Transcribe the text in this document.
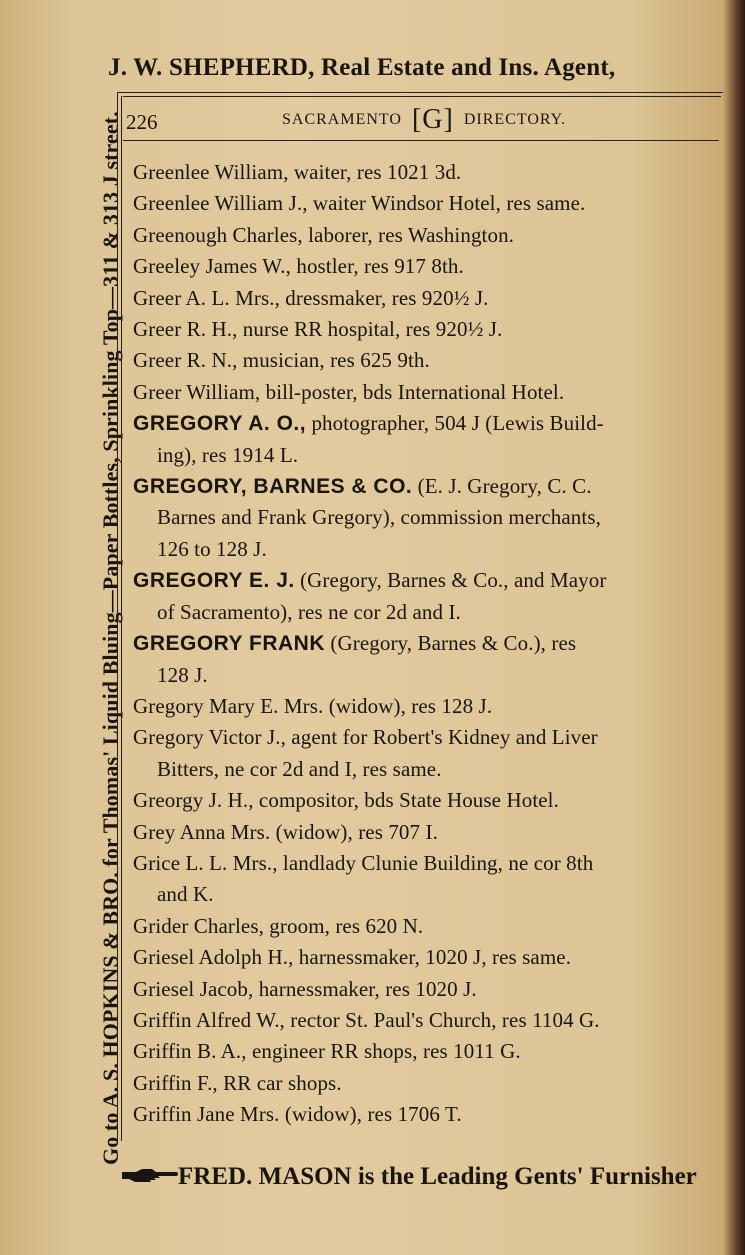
J. W. SHEPHERD, Real Estate and Ins. Agent,
Go to A. S. HOPKINS & BRO. for Thomas' Liquid Bluing—Paper Bottles, Sprinkling Top—311 & 313 J street. 226	SACRAMENTO [G] DIRECTORY.
Greenlee William, waiter, res 1021 3d.
Greenlee William J., waiter Windsor Hotel, res same.
Greenough Charles, laborer, res Washington.
Greeley James W., hostler, res 917 8th.
Greer A. L. Mrs., dressmaker, res 920½ J.
Greer R. H., nurse RR hospital, res 920½ J.
Greer R. N., musician, res 625 9th.
Greer William, bill-poster, bds International Hotel.
GREGORY A. O., photographer, 504 J (Lewis Build-
ing), res 1914 L.
GREGORY, BARNES & CO. (E. J. Gregory, C. C.
Barnes and Frank Gregory), commission merchants,
126 to 128 J.
GREGORY E. J. (Gregory, Barnes & Co., and Mayor
of Sacramento), res ne cor 2d and I.
GREGORY FRANK (Gregory, Barnes & Co.), res
128 J.
Gregory Mary E. Mrs. (widow), res 128 J.
Gregory Victor J., agent for Robert's Kidney and Liver
Bitters, ne cor 2d and I, res same.
Greorgy J. H., compositor, bds State House Hotel.
Grey Anna Mrs. (widow), res 707 I.
Grice L. L. Mrs., landlady Clunie Building, ne cor 8th
and K.
Grider Charles, groom, res 620 N.
Griesel Adolph H., harnessmaker, 1020 J, res same.
Griesel Jacob, harnessmaker, res 1020 J.
Griffin Alfred W., rector St. Paul's Church, res 1104 G.
Griffin B. A., engineer RR shops, res 1011 G.
Griffin F., RR car shops.
Griffin Jane Mrs. (widow), res 1706 T.
FRED. MASON is the Leading Gents' Furnisher
